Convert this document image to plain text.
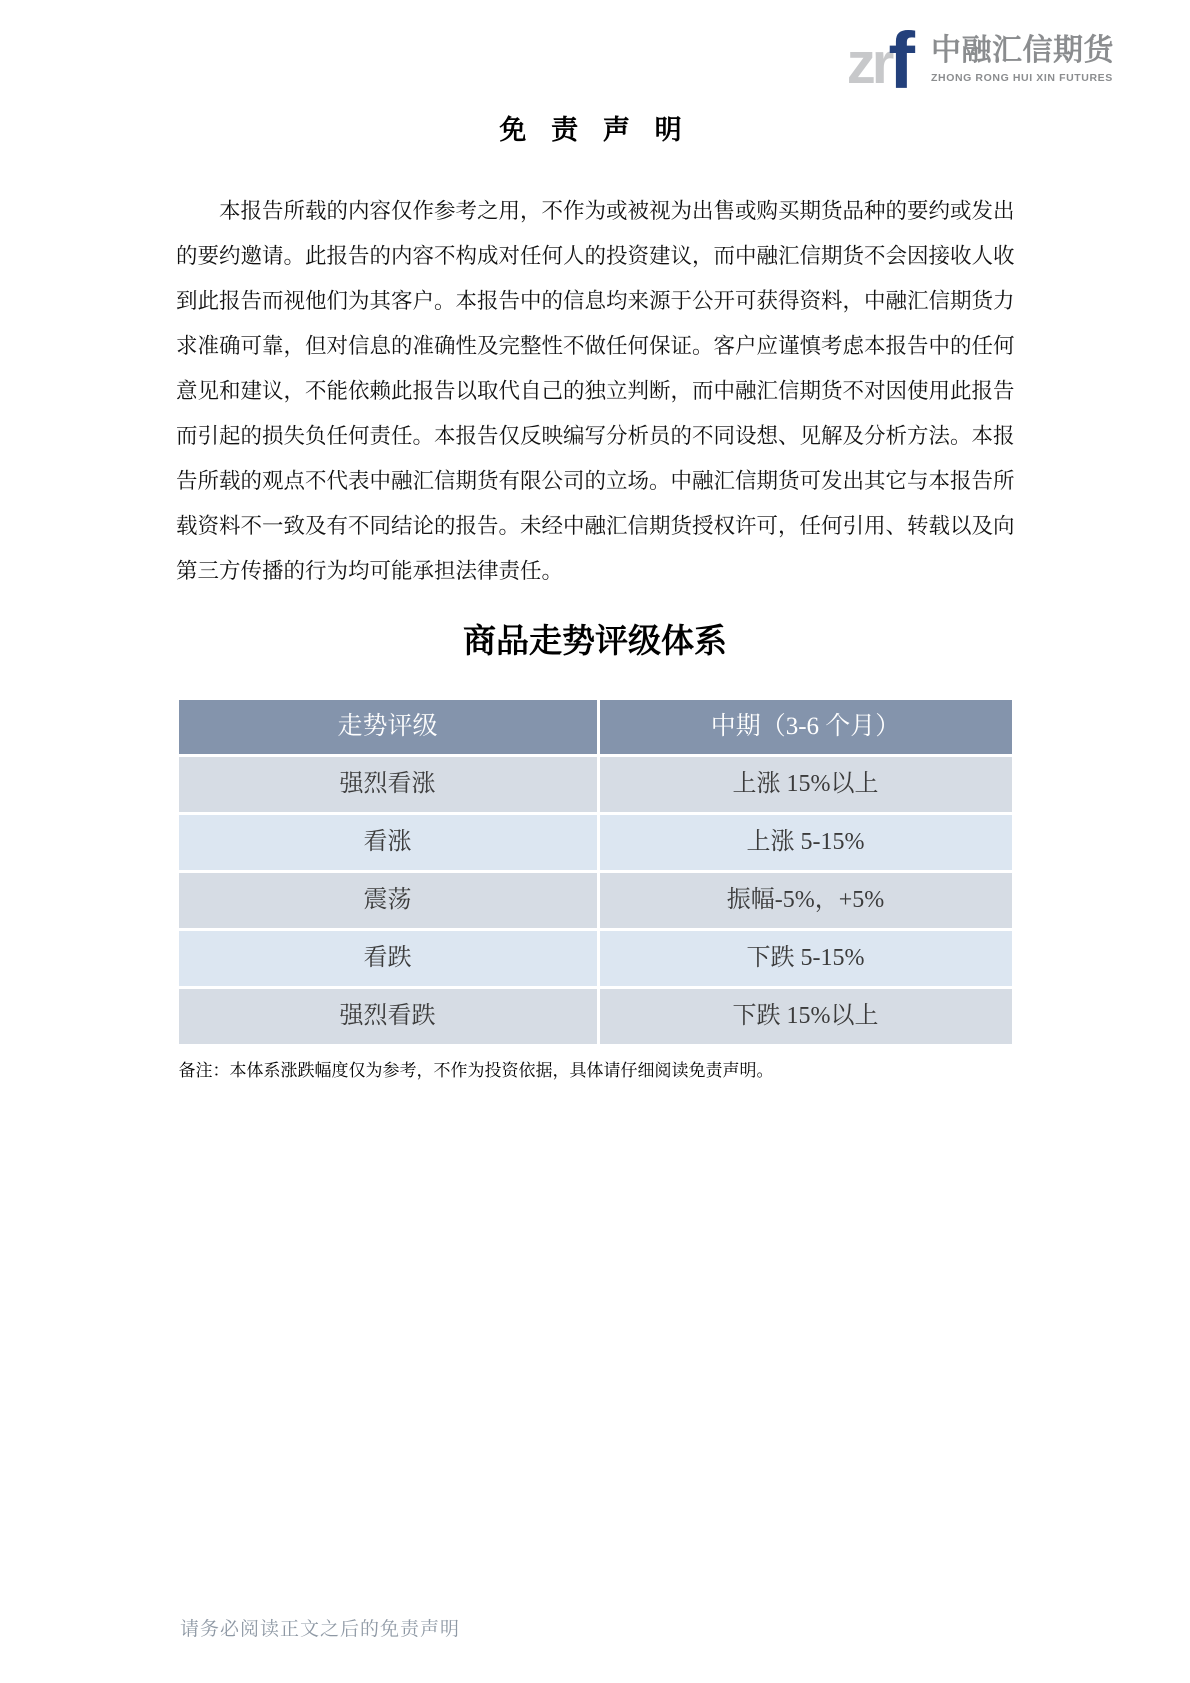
zr
f 中融汇信期货
ZHONG RONG HUI XIN FUTURES
免 责 声 明
本报告所载的内容仅作参考之用，不作为或被视为出售或购买期货品种的要约或发出
的要约邀请。此报告的内容不构成对任何人的投资建议，而中融汇信期货不会因接收人收
到此报告而视他们为其客户。本报告中的信息均来源于公开可获得资料，中融汇信期货力
求准确可靠，但对信息的准确性及完整性不做任何保证。客户应谨慎考虑本报告中的任何
意见和建议，不能依赖此报告以取代自己的独立判断，而中融汇信期货不对因使用此报告
而引起的损失负任何责任。本报告仅反映编写分析员的不同设想、见解及分析方法。本报
告所载的观点不代表中融汇信期货有限公司的立场。中融汇信期货可发出其它与本报告所
载资料不一致及有不同结论的报告。未经中融汇信期货授权许可，任何引用、转载以及向
第三方传播的行为均可能承担法律责任。
商品走势评级体系
走势评级	中期（3-6 个月）
强烈看涨	上涨 15%以上
看涨	上涨 5-15%
震荡	振幅-5%，+5%
看跌	下跌 5-15%
强烈看跌	下跌 15%以上
备注：本体系涨跌幅度仅为参考，不作为投资依据，具体请仔细阅读免责声明。
请务必阅读正文之后的免责声明
